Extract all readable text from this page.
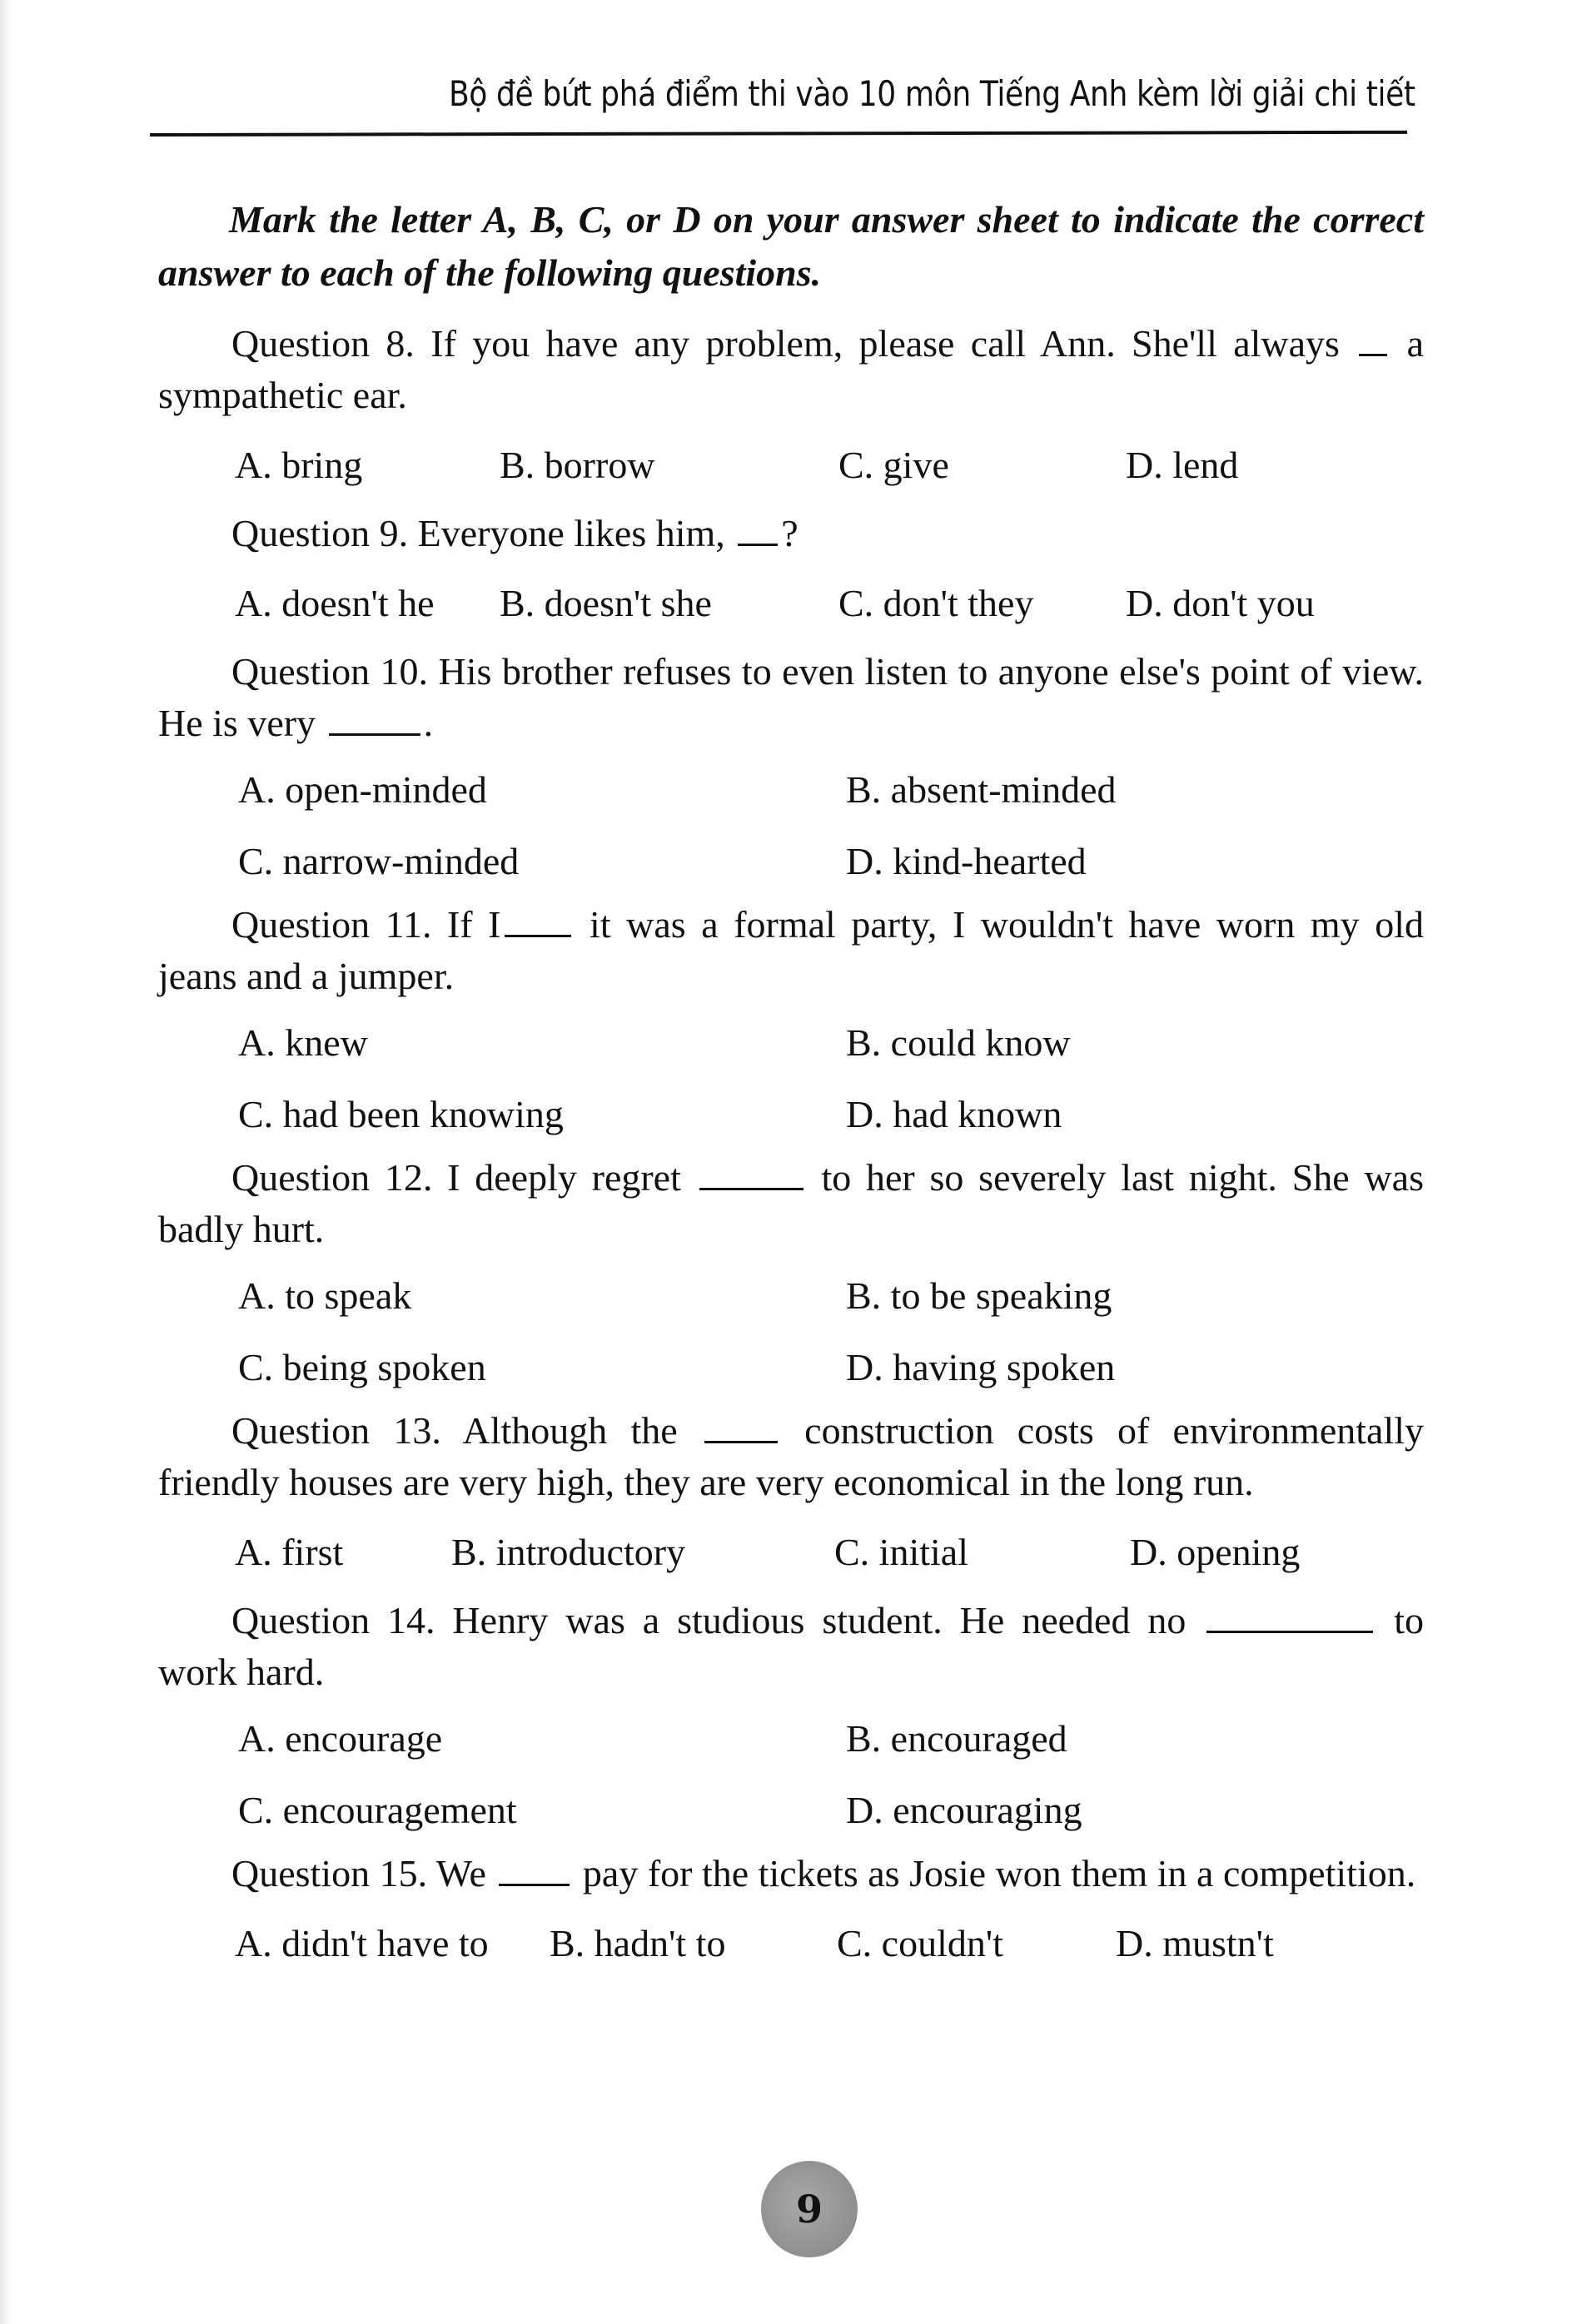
Bộ đề bứt phá điểm thi vào 10 môn Tiếng Anh kèm lời giải chi tiết

Mark the letter A, B, C, or D on your answer sheet to indicate the correct answer to each of the following questions.

Question 8. If you have any problem, please call Ann. She'll always a sympathetic ear.

A. bring	B. borrow	C. give	D. lend

Question 9. Everyone likes him, ?

A. doesn't he	B. doesn't she	C. don't they	D. don't you

Question 10. His brother refuses to even listen to anyone else's point of view. He is very	.

A. open-minded	B. absent-minded
C. narrow-minded	D. kind-hearted

Question 11. If I it was a formal party, I wouldn't have worn my old jeans and a jumper.

A. knew	B. could know
C. had been knowing	D. had known

Question 12. I deeply regret	to her so severely last night. She was badly hurt.

A. to speak	B. to be speaking
C. being spoken	D. having spoken

Question 13. Although the	construction costs of environmentally friendly houses are very high, they are very economical in the long run.

A. first	B. introductory	C. initial	D. opening

Question 14. Henry was a studious student. He needed no	to work hard.

A. encourage	B. encouraged
C. encouragement	D. encouraging

Question 15. We	pay for the tickets as Josie won them in a competition.

A. didn't have to	B. hadn't to	C. couldn't	D. mustn't
9
